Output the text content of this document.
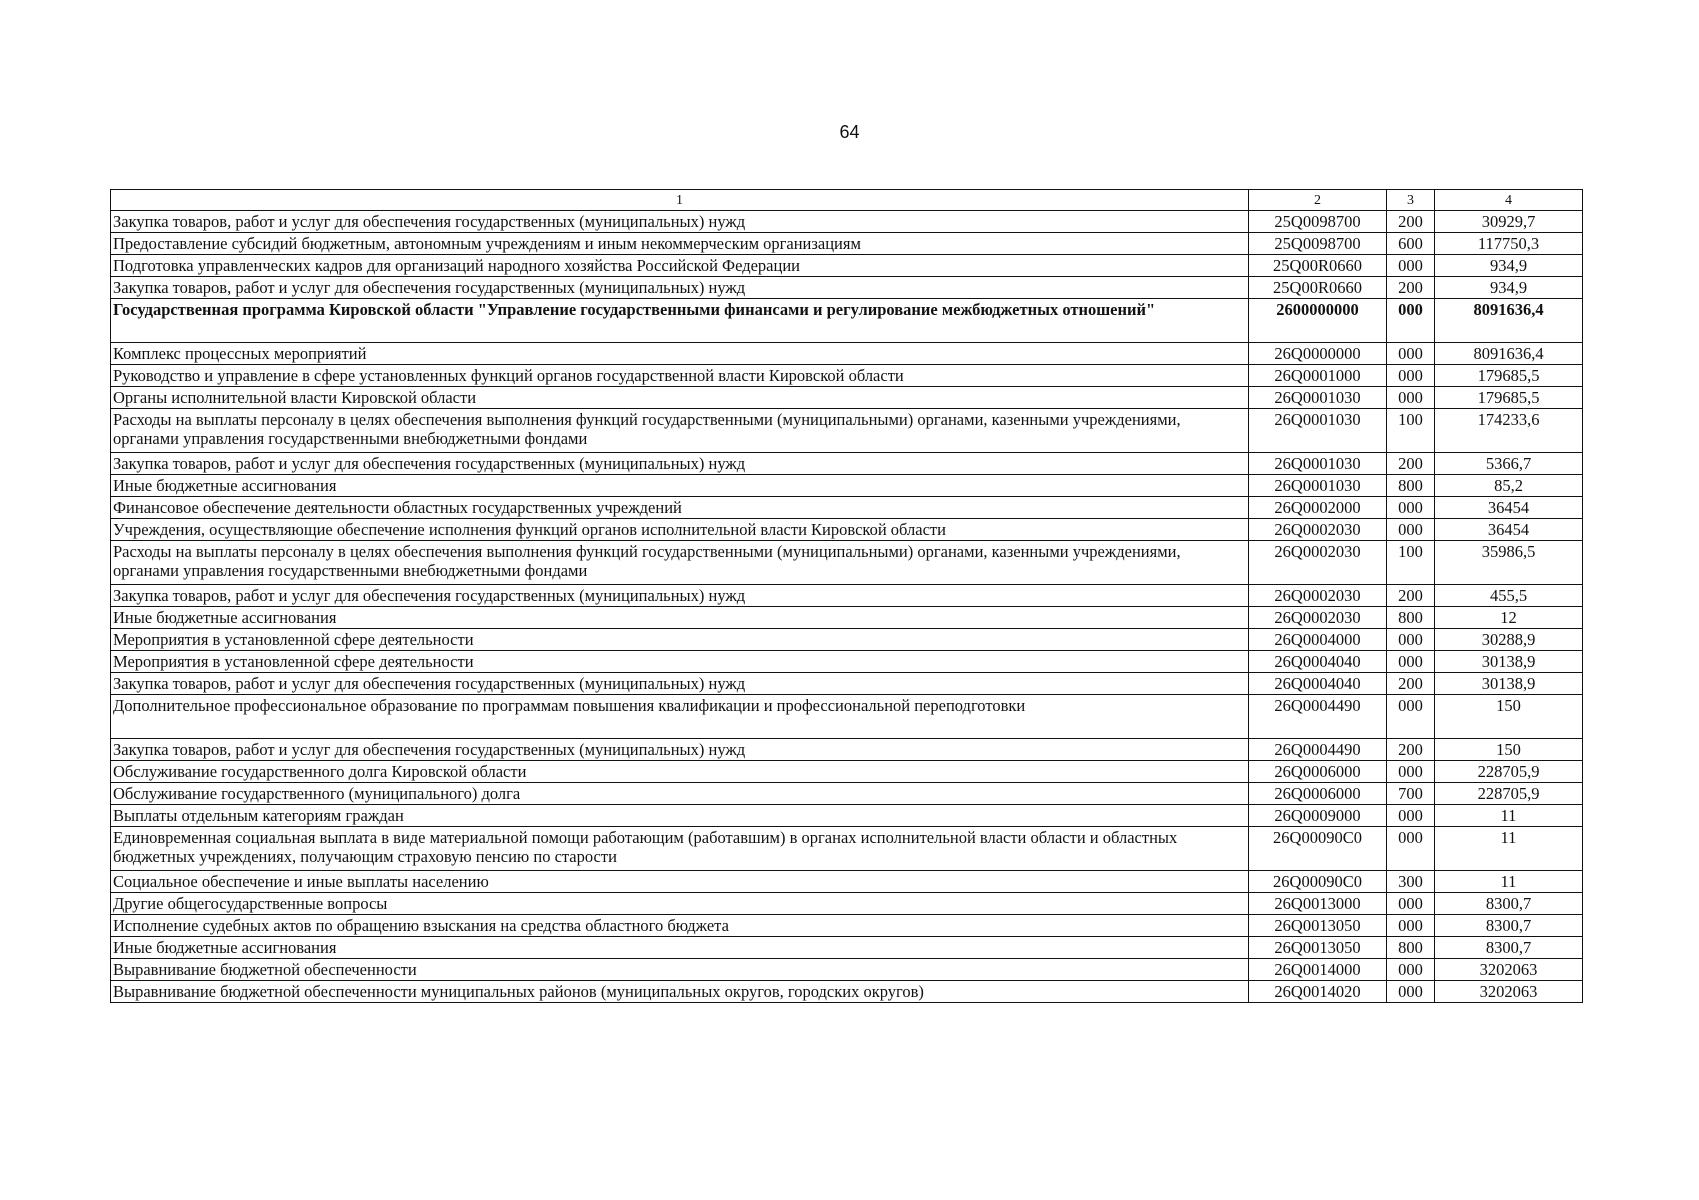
64
1	2	3	4
Закупка товаров, работ и услуг для обеспечения государственных (муниципальных) нужд	25Q0098700	200	30929,7
Предоставление субсидий бюджетным, автономным учреждениям и иным некоммерческим организациям	25Q0098700	600	117750,3
Подготовка управленческих кадров для организаций народного хозяйства Российской Федерации	25Q00R0660	000	934,9
Закупка товаров, работ и услуг для обеспечения государственных (муниципальных) нужд	25Q00R0660	200	934,9
Государственная программа Кировской области "Управление государственными финансами и регулирование межбюджетных отношений"	2600000000	000	8091636,4
Комплекс процессных мероприятий	26Q0000000	000	8091636,4
Руководство и управление в сфере установленных функций органов государственной власти Кировской области	26Q0001000	000	179685,5
Органы исполнительной власти Кировской области	26Q0001030	000	179685,5
Расходы на выплаты персоналу в целях обеспечения выполнения функций государственными (муниципальными) органами, казенными учреждениями, органами управления государственными внебюджетными фондами	26Q0001030	100	174233,6
Закупка товаров, работ и услуг для обеспечения государственных (муниципальных) нужд	26Q0001030	200	5366,7
Иные бюджетные ассигнования	26Q0001030	800	85,2
Финансовое обеспечение деятельности областных государственных учреждений	26Q0002000	000	36454
Учреждения, осуществляющие обеспечение исполнения функций органов исполнительной власти Кировской области	26Q0002030	000	36454
Расходы на выплаты персоналу в целях обеспечения выполнения функций государственными (муниципальными) органами, казенными учреждениями, органами управления государственными внебюджетными фондами	26Q0002030	100	35986,5
Закупка товаров, работ и услуг для обеспечения государственных (муниципальных) нужд	26Q0002030	200	455,5
Иные бюджетные ассигнования	26Q0002030	800	12
Мероприятия в установленной сфере деятельности	26Q0004000	000	30288,9
Мероприятия в установленной сфере деятельности	26Q0004040	000	30138,9
Закупка товаров, работ и услуг для обеспечения государственных (муниципальных) нужд	26Q0004040	200	30138,9
Дополнительное профессиональное образование по программам повышения квалификации и профессиональной переподготовки	26Q0004490	000	150
Закупка товаров, работ и услуг для обеспечения государственных (муниципальных) нужд	26Q0004490	200	150
Обслуживание государственного долга Кировской области	26Q0006000	000	228705,9
Обслуживание государственного (муниципального) долга	26Q0006000	700	228705,9
Выплаты отдельным категориям граждан	26Q0009000	000	11
Единовременная социальная выплата в виде материальной помощи работающим (работавшим) в органах исполнительной власти области и областных бюджетных учреждениях, получающим страховую пенсию по старости	26Q00090C0	000	11
Социальное обеспечение и иные выплаты населению	26Q00090C0	300	11
Другие общегосударственные вопросы	26Q0013000	000	8300,7
Исполнение судебных актов по обращению взыскания на средства областного бюджета	26Q0013050	000	8300,7
Иные бюджетные ассигнования	26Q0013050	800	8300,7
Выравнивание бюджетной обеспеченности	26Q0014000	000	3202063
Выравнивание бюджетной обеспеченности муниципальных районов (муниципальных округов, городских округов)	26Q0014020	000	3202063
